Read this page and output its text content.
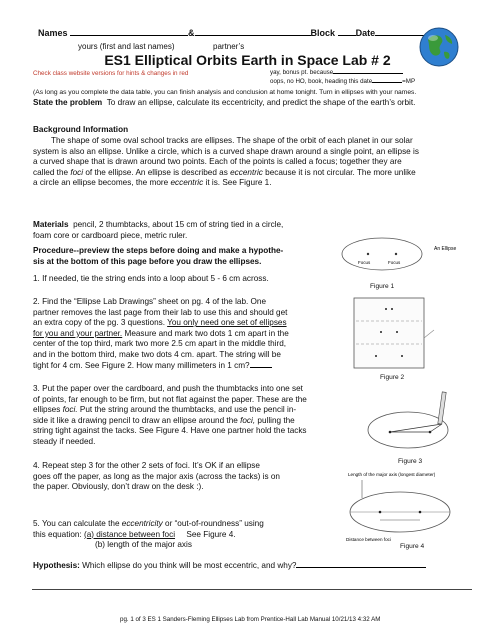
Names	&	Block Date
yours (first and last names)	partner’s
ES1 Elliptical Orbits Earth in Space Lab # 2
Check class website versions for hints & changes in red	yay, bonus pt. because
oops, no HO, book, heading this date	=MP
(As long as you complete the data table, you can finish analysis and conclusion at home tonight. Turn in ellipses with your names.
State the problem To draw an ellipse, calculate its eccentricity, and predict the shape of the earth’s orbit.
Background Information
The shape of some oval school tracks are ellipses. The shape of the orbit of each planet in our solar
system is also an ellipse. Unlike a circle, which is a curved shape drawn around a single point, an ellipse is
a curved shape that is drawn around two points. Each of the points is called a focus; together they are
called the foci of the ellipse. An ellipse is described as eccentric because it is not circular. The more unlike
a circle an ellipse becomes, the more eccentric it is. See Figure 1.
Materials pencil, 2 thumbtacks, about 15 cm of string tied in a circle,
foam core or cardboard piece, metric ruler.
Procedure--preview the steps before doing and make a hypothe-
sis at the bottom of this page before you draw the ellipses.
1. If needed, tie the string ends into a loop about 5 - 6 cm across.
2. Find the “Ellipse Lab Drawings” sheet on pg. 4 of the lab. One
partner removes the last page from their lab to use this and should get
an extra copy of the pg. 3 questions. You only need one set of ellipses
for you and your partner. Measure and mark two dots 1 cm apart in the
center of the top third, mark two more 2.5 cm apart in the middle third,
and in the bottom third, make two dots 4 cm. apart. The string will be
tight for 4 cm. See Figure 2. How many millimeters in 1 cm?
3. Put the paper over the cardboard, and push the thumbtacks into one set
of points, far enough to be firm, but not flat against the paper. These are the
ellipses foci. Put the string around the thumbtacks, and use the pencil in-
side it like a drawing pencil to draw an ellipse around the foci, pulling the
string tight against the tacks. See Figure 4. Have one partner hold the tacks
steady if needed.
4. Repeat step 3 for the other 2 sets of foci. It’s OK if an ellipse
goes off the paper, as long as the major axis (across the tacks) is on
the paper. Obviously, don’t draw on the desk :).
5. You can calculate the eccentricity or “out-of-roundness” using
this equation: (a) distance between foci See Figure 4.
(b) length of the major axis
Focus	Focus
An Ellipse
Figure 1
Figure 2
Figure 3
Length of the major axis (longest diameter)
Distance between foci
Figure 4
Hypothesis: Which ellipse do you think will be most eccentric, and why?
pg. 1 of 3 ES 1 Sanders-Fleming Ellipses Lab from Prentice-Hall Lab Manual 10/21/13 4:32 AM
